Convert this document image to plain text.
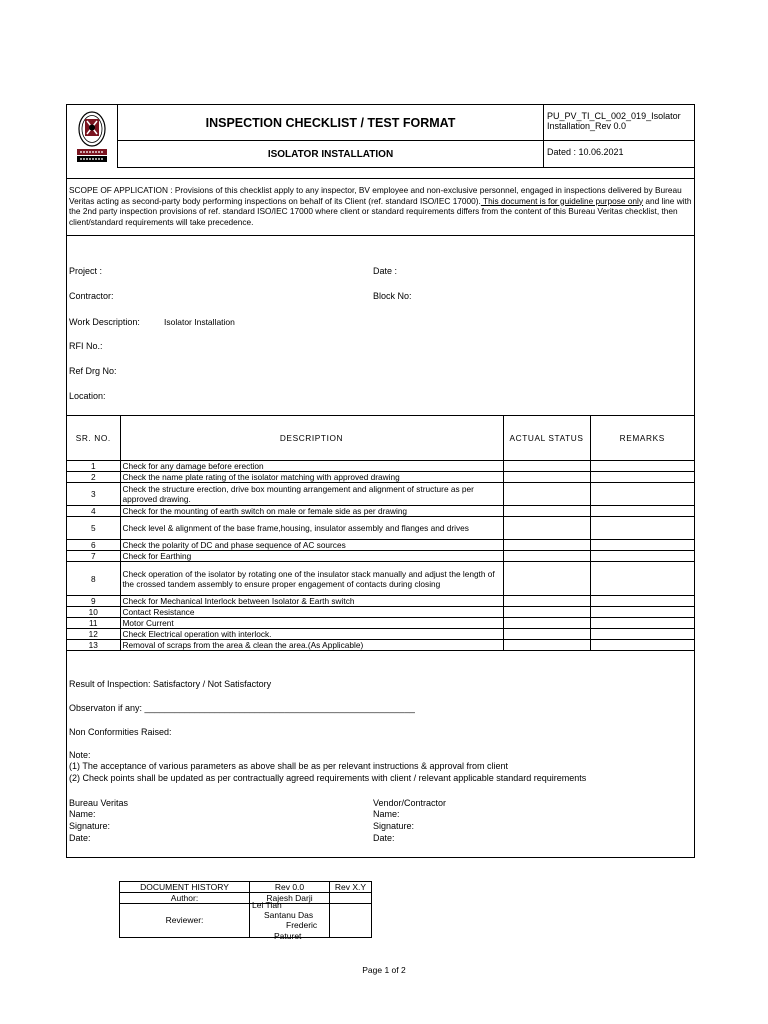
INSPECTION CHECKLIST / TEST FORMAT
ISOLATOR INSTALLATION
PU_PV_TI_CL_002_019_Isolator Installation_Rev 0.0
Dated : 10.06.2021
SCOPE OF APPLICATION : Provisions of this checklist apply to any inspector, BV employee and non-exclusive personnel, engaged in inspections delivered by Bureau Veritas acting as second-party body performing inspections on behalf of its Client (ref. standard ISO/IEC 17000). This document is for guideline purpose only and line with the 2nd party inspection provisions of ref. standard ISO/IEC 17000 where client or standard requirements differs from the content of this Bureau Veritas checklist, then client/standard requirements will take precedence.
Project :	Date :
Contractor:	Block No:
Work Description:	Isolator Installation
RFI No.:
Ref Drg No:
Location:
SR. NO.	DESCRIPTION	ACTUAL STATUS	REMARKS
1	Check for any damage before erection		
2	Check the name plate rating of the isolator matching with approved drawing		
3	Check the structure erection, drive box mounting arrangement and alignment of structure as per approved drawing.		
4	Check for the mounting of earth switch on male or female side as per drawing		
5	Check level & alignment of the base frame,housing, insulator assembly and flanges and drives		
6	Check the polarity of DC and phase sequence of AC sources		
7	Check for Earthing		
8	Check operation of the isolator by rotating one of the insulator stack manually and adjust the length of the crossed tandem assembly to ensure proper engagement of contacts during closing		
9	Check for Mechanical Interlock between Isolator & Earth switch		
10	Contact Resistance		
11	Motor Current		
12	Check Electrical operation with interlock.		
13	Removal of scraps from the area & clean the area.(As Applicable)		
Result of Inspection: Satisfactory / Not Satisfactory
Observaton if any: ______________________________________________________
Non Conformities Raised:
Note:
(1) The acceptance of various parameters as above shall be as per relevant instructions & approval from client
(2) Check points shall be updated as per contractually agreed requirements with client / relevant applicable standard requirements
Bureau Veritas
Name:
Signature:
Date:
Vendor/Contractor
Name:
Signature:
Date:
DOCUMENT HISTORY	Rev 0.0	Rev X.Y
Author:	Rajesh Darji	
Reviewer:	Lei Tian
Santanu Das
Frederic
Paturet	

Page 1 of 2
